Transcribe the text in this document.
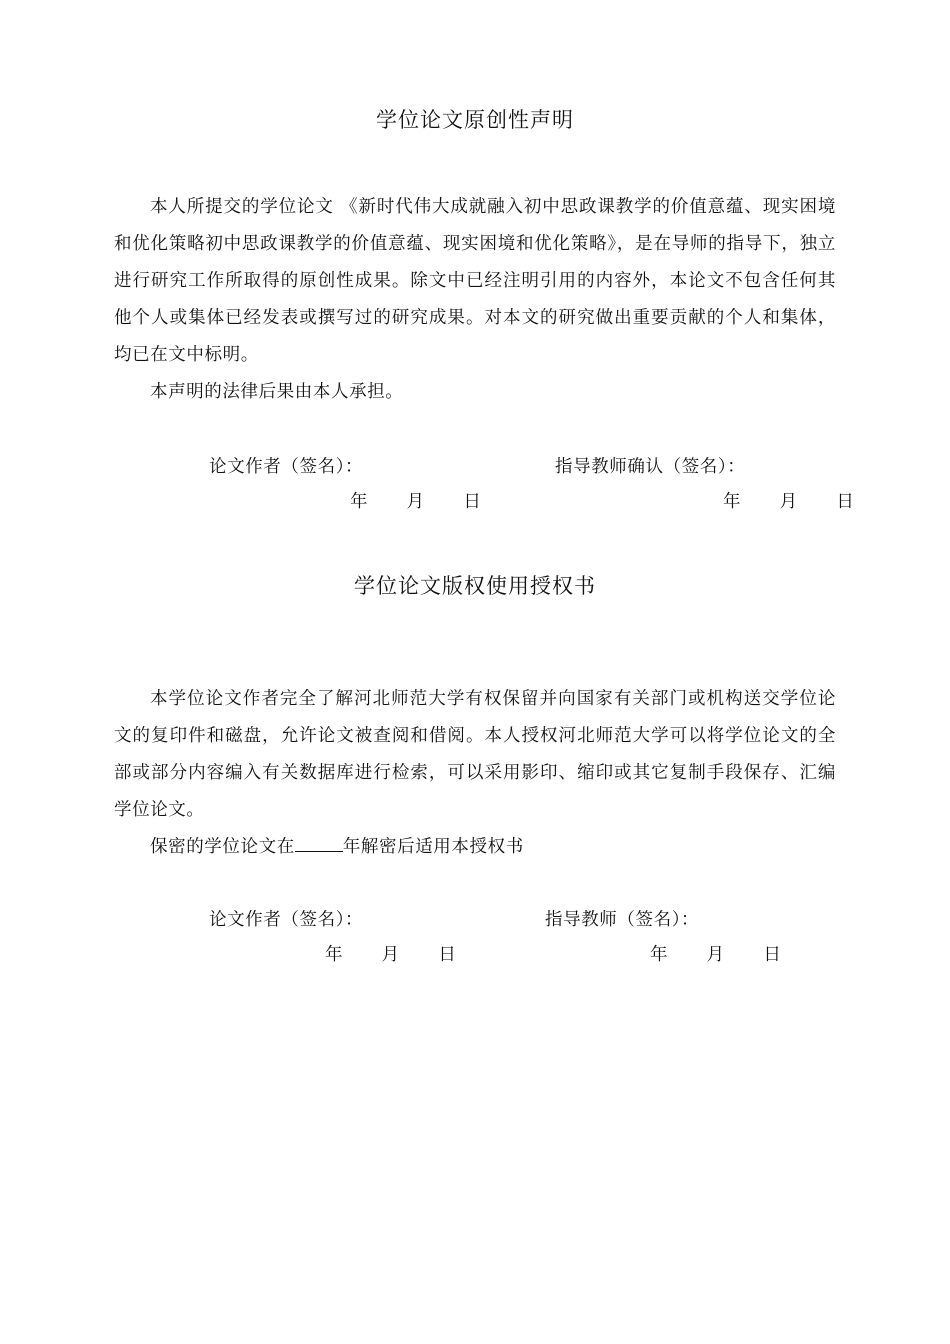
学位论文原创性声明

本人所提交的学位论文 《新时代伟大成就融入初中思政课教学的价值意蕴、现实困境和优化策略初中思政课教学的价值意蕴、现实困境和优化策略》，是在导师的指导下，独立进行研究工作所取得的原创性成果。除文中已经注明引用的内容外，本论文不包含任何其他个人或集体已经发表或撰写过的研究成果。对本文的研究做出重要贡献的个人和集体，均已在文中标明。

本声明的法律后果由本人承担。

论文作者（签名）：	指导教师确认（签名）：
年 月 日	年 月 日
学位论文版权使用授权书

本学位论文作者完全了解河北师范大学有权保留并向国家有关部门或机构送交学位论文的复印件和磁盘，允许论文被查阅和借阅。本人授权河北师范大学可以将学位论文的全部或部分内容编入有关数据库进行检索，可以采用影印、缩印或其它复制手段保存、汇编学位论文。

保密的学位论文在	年解密后适用本授权书
论文作者（签名）：	指导教师（签名）：
年 月 日	年 月 日
